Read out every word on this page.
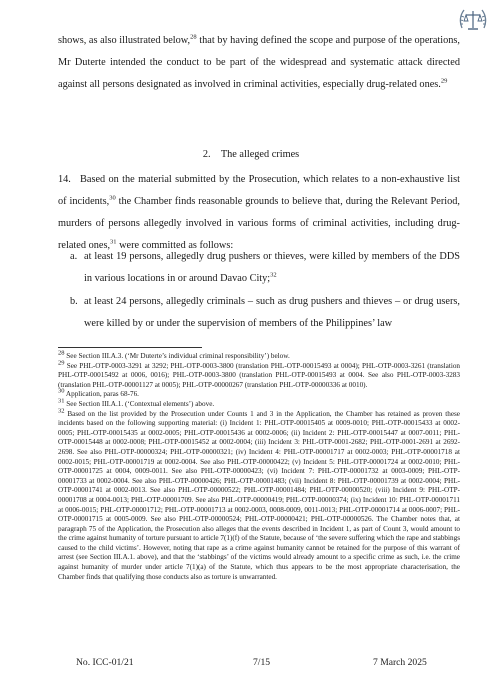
shows, as also illustrated below,$^{28}$ that by having defined the scope and purpose of the operations, Mr Duterte intended the conduct to be part of the widespread and systematic attack directed against all persons designated as involved in criminal activities, especially drug-related ones.$^{29}$
2. The alleged crimes
14. Based on the material submitted by the Prosecution, which relates to a non-exhaustive list of incidents,$^{30}$ the Chamber finds reasonable grounds to believe that, during the Relevant Period, murders of persons allegedly involved in various forms of criminal activities, including drug-related ones,$^{31}$ were committed as follows:
a. at least 19 persons, allegedly drug pushers or thieves, were killed by members of the DDS in various locations in or around Davao City;$^{32}$
b. at least 24 persons, allegedly criminals – such as drug pushers and thieves – or drug users, were killed by or under the supervision of members of the Philippines’ law

$^{28}$ See Section III.A.3. (‘Mr Duterte’s individual criminal responsibility’) below.

$^{29}$ See PHL-OTP-0003-3291 at 3292; PHL-OTP-0003-3800 (translation PHL-OTP-00015493 at 0004); PHL-OTP-0003-3261 (translation PHL-OTP-00015492 at 0006, 0016); PHL-OTP-0003-3800 (translation PHL-OTP-00015493 at 0004. See also PHL-OTP-0003-3283 (translation PHL-OTP-00001127 at 0005); PHL-OTP-00000267 (translation PHL-OTP-00000336 at 0010).

$^{30}$ Application, paras 68-76.

$^{31}$ See Section III.A.1. (‘Contextual elements’) above.

$^{32}$ Based on the list provided by the Prosecution under Counts 1 and 3 in the Application, the Chamber has retained as proven these incidents based on the following supporting material: (i) Incident 1: PHL-OTP-00015405 at 0009-0010; PHL-OTP-00015433 at 0002-0005; PHL-OTP-00015435 at 0002-0005; PHL-OTP-00015436 at 0002-0006; (ii) Incident 2: PHL-OTP-00015447 at 0007-0011; PHL-OTP-00015448 at 0002-0008; PHL-OTP-00015452 at 0002-0004; (iii) Incident 3: PHL-OTP-0001-2682; PHL-OTP-0001-2691 at 2692-2698. See also PHL-OTP-00000324; PHL-OTP-00000321; (iv) Incident 4: PHL-OTP-00001717 at 0002-0003; PHL-OTP-00001718 at 0002-0015; PHL-OTP-00001719 at 0002-0004. See also PHL-OTP-00000422; (v) Incident 5: PHL-OTP-00001724 at 0002-0010; PHL-OTP-00001725 at 0004, 0009-0011. See also PHL-OTP-00000423; (vi) Incident 7: PHL-OTP-00001732 at 0003-0009; PHL-OTP-00001733 at 0002-0004. See also PHL-OTP-00000426; PHL-OTP-00001483; (vii) Incident 8: PHL-OTP-00001739 at 0002-0004; PHL-OTP-00001741 at 0002-0013. See also PHL-OTP-00000522; PHL-OTP-00001484; PHL-OTP-00000520; (viii) Incident 9: PHL-OTP-00001708 at 0004-0013; PHL-OTP-00001709. See also PHL-OTP-00000419; PHL-OTP-00000374; (ix) Incident 10: PHL-OTP-00001711 at 0006-0015; PHL-OTP-00001712; PHL-OTP-00001713 at 0002-0003, 0008-0009, 0011-0013; PHL-OTP-00001714 at 0006-0007; PHL-OTP-00001715 at 0005-0009. See also PHL-OTP-00000524; PHL-OTP-00000421; PHL-OTP-00000526. The Chamber notes that, at paragraph 75 of the Application, the Prosecution also alleges that the events described in Incident 1, as part of Count 3, would amount to the crime against humanity of torture pursuant to article 7(1)(f) of the Statute, because of ‘the severe suffering which the rape and stabbings caused to the child victims’. However, noting that rape as a crime against humanity cannot be retained for the purpose of this warrant of arrest (see Section III.A.1. above), and that the ‘stabbings’ of the victims would already amount to a specific crime as such, i.e. the crime against humanity of murder under article 7(1)(a) of the Statute, which thus appears to be the most appropriate characterisation, the Chamber finds that qualifying those conducts also as torture is unwarranted.

No. ICC-01/21	7/15	7 March 2025
